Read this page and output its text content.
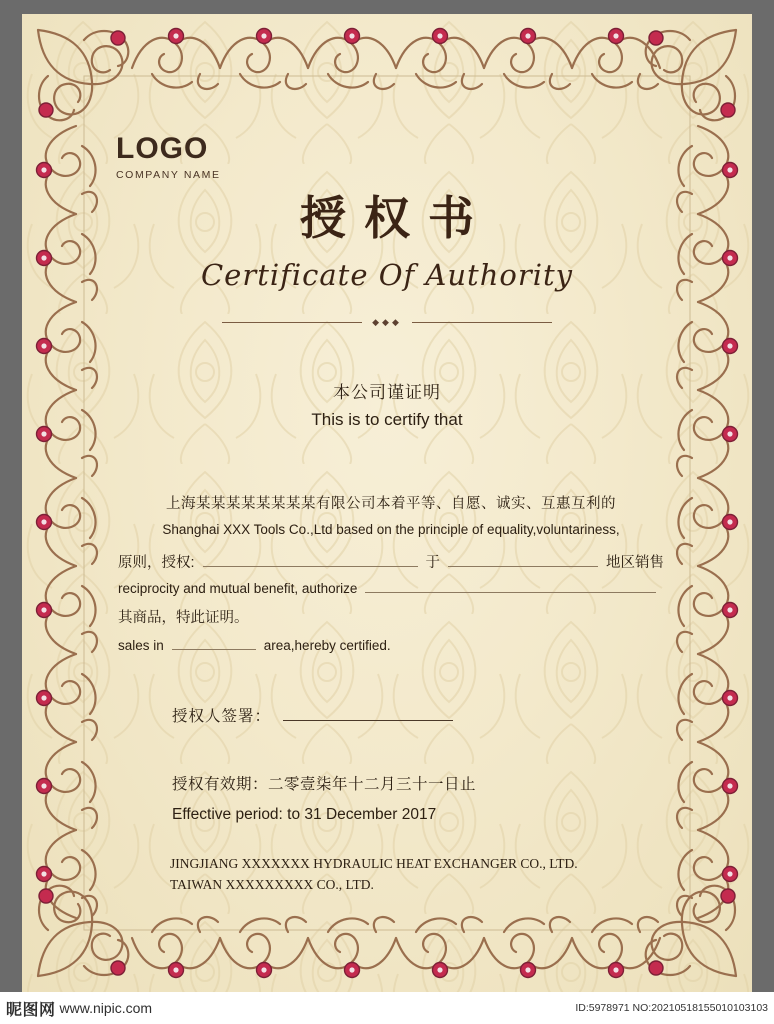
LOGO
COMPANY NAME
授权书
Certificate Of Authority
◆◆◆
本公司谨证明
This is to certify that
上海某某某某某某某某有限公司本着平等、自愿、诚实、互惠互利的
Shanghai XXX Tools Co.,Ltd based on the principle of equality,voluntariness,
原则，授权:	于	地区销售
reciprocity and mutual benefit, authorize
其商品，特此证明。
sales in	area,hereby certified.
授权人签署：
授权有效期：二零壹柒年十二月三十一日止
Effective period: to 31 December 2017
JINGJIANG XXXXXXX HYDRAULIC HEAT EXCHANGER CO., LTD.
TAIWAN XXXXXXXXX CO., LTD.
昵图网 www.nipic.com	ID:5978971 NO:20210518155010103103
